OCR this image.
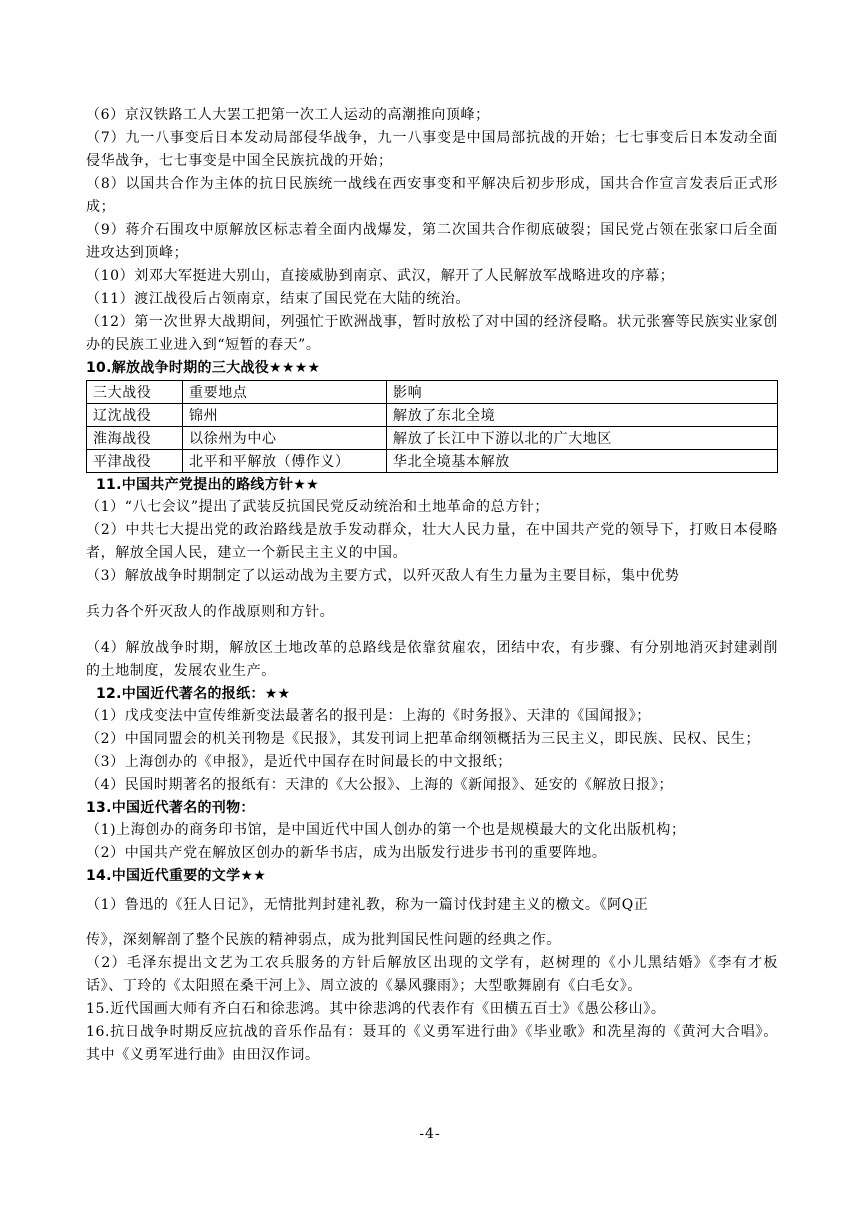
（6）京汉铁路工人大罢工把第一次工人运动的高潮推向顶峰；

（7）九一八事变后日本发动局部侵华战争，九一八事变是中国局部抗战的开始；七七事变后日本发动全面侵华战争，七七事变是中国全民族抗战的开始；

（8）以国共合作为主体的抗日民族统一战线在西安事变和平解决后初步形成，国共合作宣言发表后正式形成；

（9）蒋介石围攻中原解放区标志着全面内战爆发，第二次国共合作彻底破裂；国民党占领在张家口后全面进攻达到顶峰；

（10）刘邓大军挺进大别山，直接威胁到南京、武汉，解开了人民解放军战略进攻的序幕；

（11）渡江战役后占领南京，结束了国民党在大陆的统治。

（12）第一次世界大战期间，列强忙于欧洲战事，暂时放松了对中国的经济侵略。状元张謇等民族实业家创办的民族工业进入到“短暂的春天”。

10.解放战争时期的三大战役★★★★

三大战役	重要地点	影响
辽沈战役	锦州	解放了东北全境
淮海战役	以徐州为中心	解放了长江中下游以北的广大地区
平津战役	北平和平解放（傅作义）	华北全境基本解放

11.中国共产党提出的路线方针★★

（1）“八七会议”提出了武装反抗国民党反动统治和土地革命的总方针；

（2）中共七大提出党的政治路线是放手发动群众，壮大人民力量，在中国共产党的领导下，打败日本侵略者，解放全国人民，建立一个新民主主义的中国。

（3）解放战争时期制定了以运动战为主要方式，以歼灭敌人有生力量为主要目标，集中优势

兵力各个歼灭敌人的作战原则和方针。

（4）解放战争时期，解放区土地改革的总路线是依靠贫雇农，团结中农，有步骤、有分别地消灭封建剥削的土地制度，发展农业生产。

12.中国近代著名的报纸：★★

（1）戊戌变法中宣传维新变法最著名的报刊是：上海的《时务报》、天津的《国闻报》；

（2）中国同盟会的机关刊物是《民报》，其发刊词上把革命纲领概括为三民主义，即民族、民权、民生；

（3）上海创办的《申报》，是近代中国存在时间最长的中文报纸；

（4）民国时期著名的报纸有：天津的《大公报》、上海的《新闻报》、延安的《解放日报》；

13.中国近代著名的刊物：

（1)上海创办的商务印书馆，是中国近代中国人创办的第一个也是规模最大的文化出版机构；

（2）中国共产党在解放区创办的新华书店，成为出版发行进步书刊的重要阵地。

14.中国近代重要的文学★★

（1）鲁迅的《狂人日记》，无情批判封建礼教，称为一篇讨伐封建主义的檄文。《阿Q正

传》，深刻解剖了整个民族的精神弱点，成为批判国民性问题的经典之作。

（2）毛泽东提出文艺为工农兵服务的方针后解放区出现的文学有，赵树理的《小儿黑结婚》《李有才板话》、丁玲的《太阳照在桑干河上》、周立波的《暴风骤雨》；大型歌舞剧有《白毛女》。

15.近代国画大师有齐白石和徐悲鸿。其中徐悲鸿的代表作有《田横五百士》《愚公移山》。

16.抗日战争时期反应抗战的音乐作品有：聂耳的《义勇军进行曲》《毕业歌》和冼星海的《黄河大合唱》。其中《义勇军进行曲》由田汉作词。

-4-
